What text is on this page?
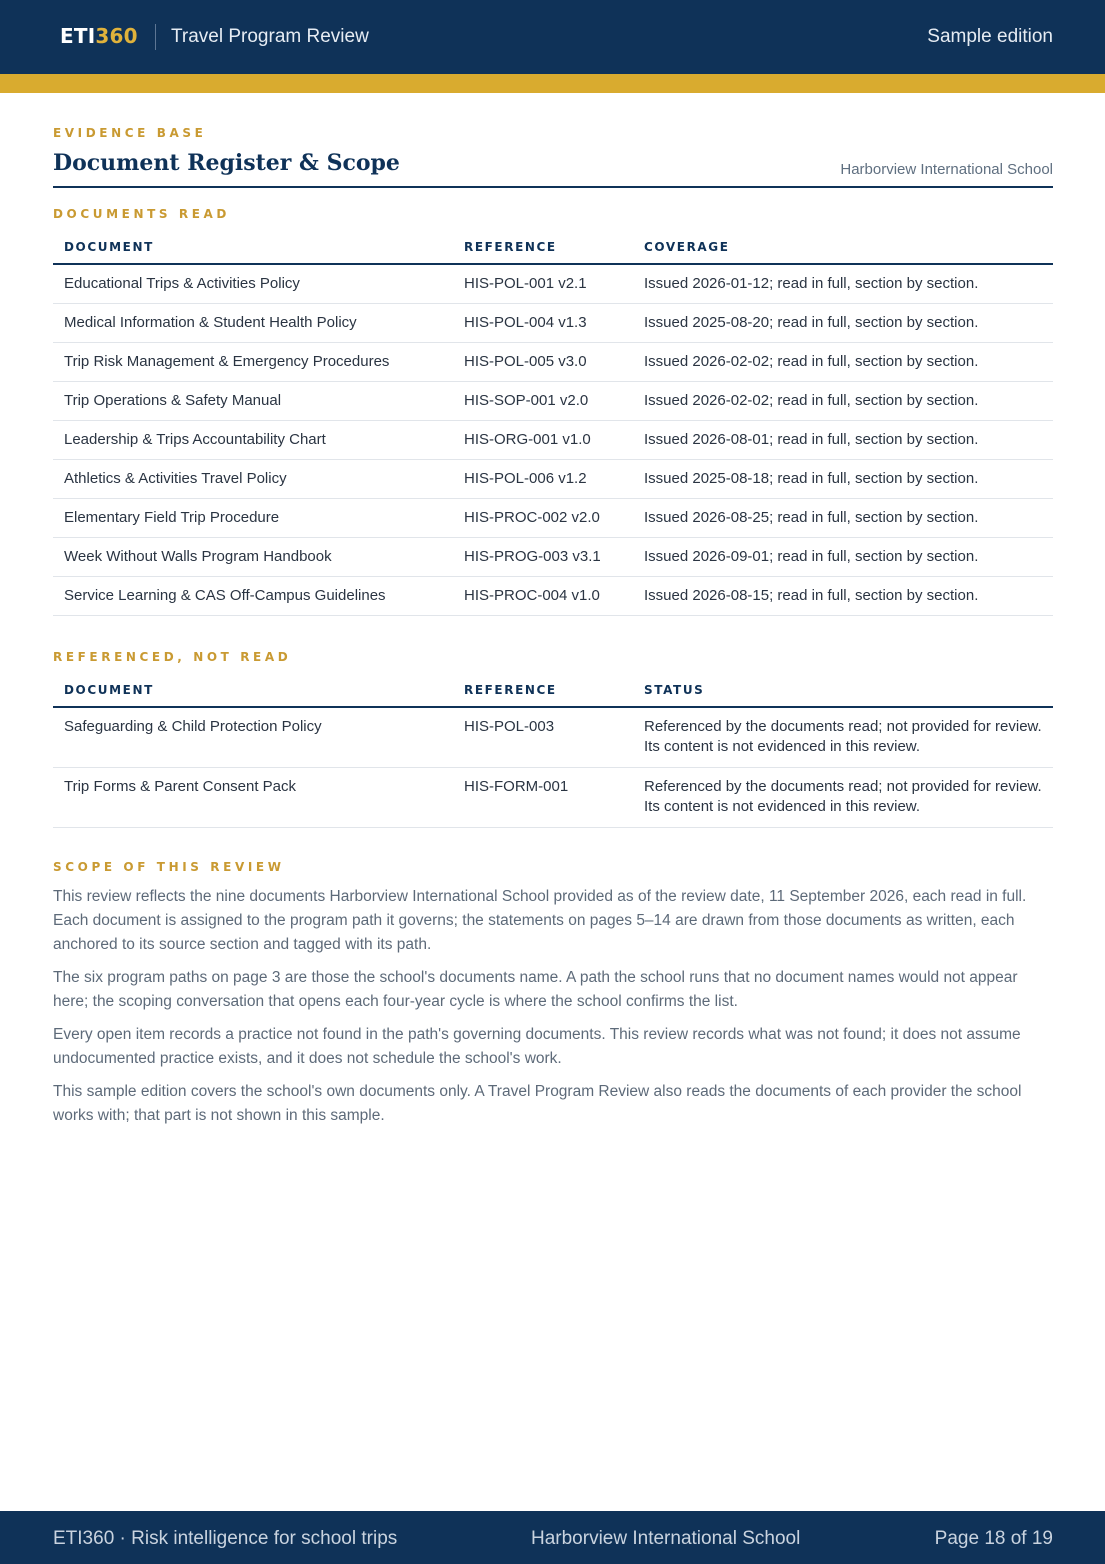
ETI360 Travel Program Review	Sample edition
EVIDENCE BASE
Document Register & Scope	Harborview International School
DOCUMENTS READ
DOCUMENT	REFERENCE	COVERAGE
Educational Trips & Activities Policy	HIS-POL-001 v2.1	Issued 2026-01-12; read in full, section by section.
Medical Information & Student Health Policy	HIS-POL-004 v1.3	Issued 2025-08-20; read in full, section by section.
Trip Risk Management & Emergency Procedures	HIS-POL-005 v3.0	Issued 2026-02-02; read in full, section by section.
Trip Operations & Safety Manual	HIS-SOP-001 v2.0	Issued 2026-02-02; read in full, section by section.
Leadership & Trips Accountability Chart	HIS-ORG-001 v1.0	Issued 2026-08-01; read in full, section by section.
Athletics & Activities Travel Policy	HIS-POL-006 v1.2	Issued 2025-08-18; read in full, section by section.
Elementary Field Trip Procedure	HIS-PROC-002 v2.0	Issued 2026-08-25; read in full, section by section.
Week Without Walls Program Handbook	HIS-PROG-003 v3.1	Issued 2026-09-01; read in full, section by section.
Service Learning & CAS Off-Campus Guidelines	HIS-PROC-004 v1.0	Issued 2026-08-15; read in full, section by section.
REFERENCED, NOT READ
DOCUMENT	REFERENCE	STATUS
Safeguarding & Child Protection Policy	HIS-POL-003	Referenced by the documents read; not provided for review. Its content is not evidenced in this review.
Trip Forms & Parent Consent Pack	HIS-FORM-001	Referenced by the documents read; not provided for review. Its content is not evidenced in this review.
SCOPE OF THIS REVIEW

This review reflects the nine documents Harborview International School provided as of the review date, 11 September 2026, each read in full. Each document is assigned to the program path it governs; the statements on pages 5–14 are drawn from those documents as written, each anchored to its source section and tagged with its path.

The six program paths on page 3 are those the school's documents name. A path the school runs that no document names would not appear here; the scoping conversation that opens each four-year cycle is where the school confirms the list.

Every open item records a practice not found in the path's governing documents. This review records what was not found; it does not assume undocumented practice exists, and it does not schedule the school's work.

This sample edition covers the school's own documents only. A Travel Program Review also reads the documents of each provider the school works with; that part is not shown in this sample.

ETI360 · Risk intelligence for school trips	Harborview International School	Page 18 of 19
